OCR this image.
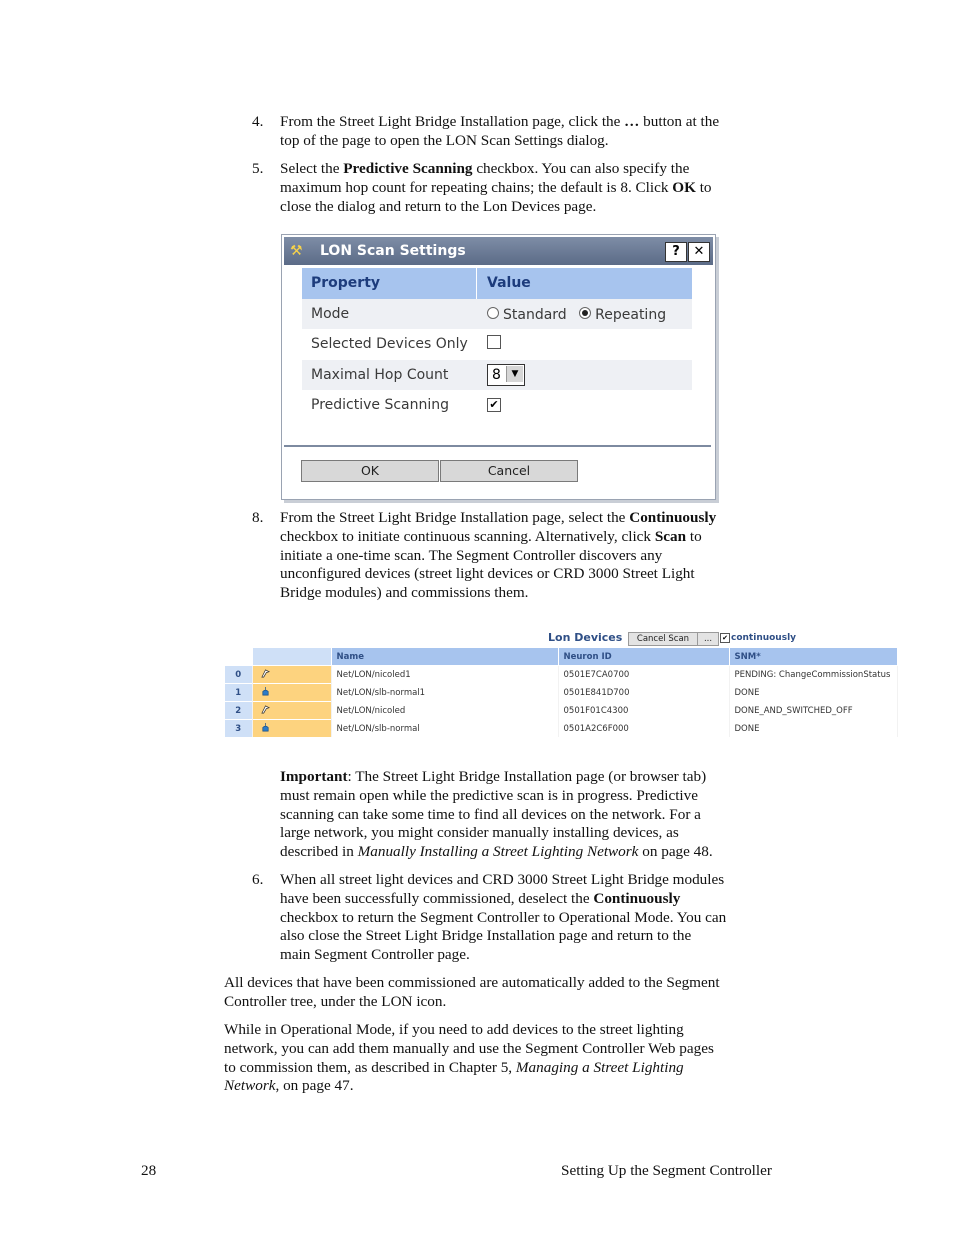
4.	From the Street Light Bridge Installation page, click the … button at the
top of the page to open the LON Scan Settings dialog.
5.	Select the Predictive Scanning checkbox. You can also specify the
maximum hop count for repeating chains; the default is 8. Click OK to
close the dialog and return to the Lon Devices page.
⚒ LON Scan Settings	?	✕
Property	Value
Mode	Standard Repeating
Selected Devices Only
Maximal Hop Count	8	▼
Predictive Scanning	✔
OK	Cancel
8.	From the Street Light Bridge Installation page, select the Continuously
checkbox to initiate continuous scanning. Alternatively, click Scan to
initiate a one-time scan. The Segment Controller discovers any
unconfigured devices (street light devices or CRD 3000 Street Light
Bridge modules) and commissions them.
Lon Devices	Cancel Scan	...	✔ continuously
		Name	Neuron ID	SNM*
0		Net/LON/nicoled1	0501E7CA0700	PENDING: ChangeCommissionStatus
1		Net/LON/slb-normal1	0501E841D700	DONE
2		Net/LON/nicoled	0501F01C4300	DONE_AND_SWITCHED_OFF
3		Net/LON/slb-normal	0501A2C6F000	DONE
Important: The Street Light Bridge Installation page (or browser tab)
must remain open while the predictive scan is in progress. Predictive
scanning can take some time to find all devices on the network. For a
large network, you might consider manually installing devices, as
described in Manually Installing a Street Lighting Network on page 48.
6.	When all street light devices and CRD 3000 Street Light Bridge modules
have been successfully commissioned, deselect the Continuously
checkbox to return the Segment Controller to Operational Mode. You can
also close the Street Light Bridge Installation page and return to the
main Segment Controller page.
All devices that have been commissioned are automatically added to the Segment
Controller tree, under the LON icon.
While in Operational Mode, if you need to add devices to the street lighting
network, you can add them manually and use the Segment Controller Web pages
to commission them, as described in Chapter 5, Managing a Street Lighting
Network, on page 47.
28	Setting Up the Segment Controller
